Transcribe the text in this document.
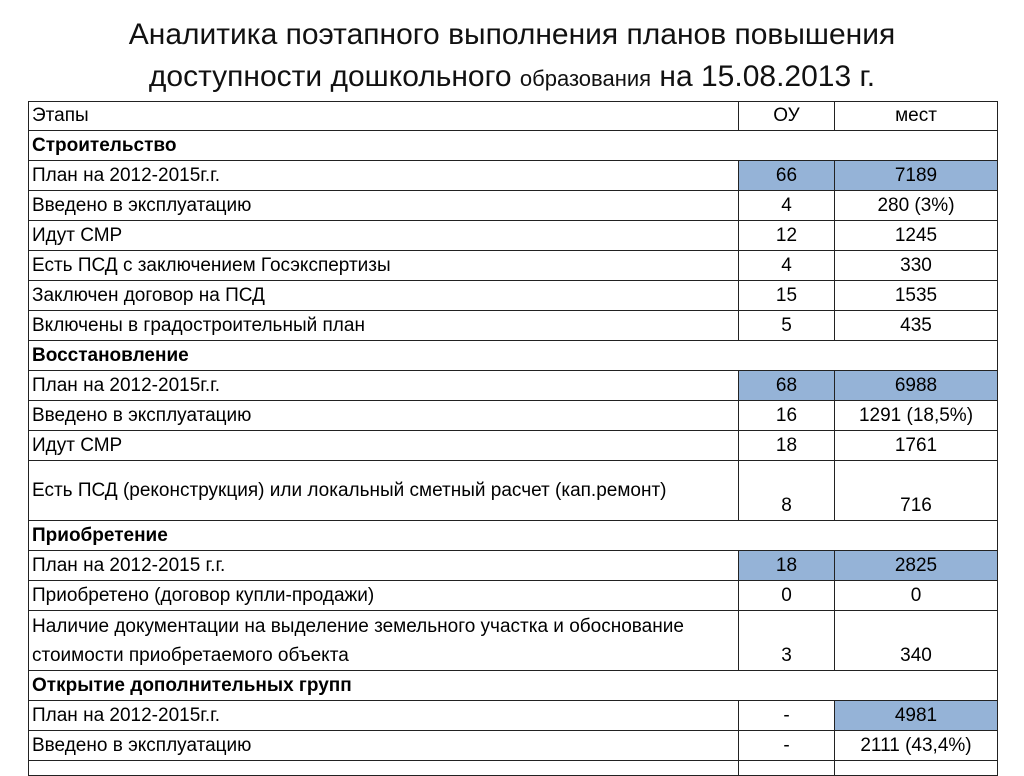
Аналитика поэтапного выполнения планов повышения
доступности дошкольного образования на 15.08.2013 г.
Этапы	ОУ	мест
Строительство		
План на 2012-2015г.г.	66	7189
Введено в эксплуатацию	4	280 (3%)
Идут СМР	12	1245
Есть ПСД с заключением Госэкспертизы	4	330
Заключен договор на ПСД	15	1535
Включены в градостроительный план	5	435
Восстановление		
План на 2012-2015г.г.	68	6988
Введено в эксплуатацию	16	1291 (18,5%)
Идут СМР	18	1761
Есть ПСД (реконструкция) или локальный сметный расчет (кап.ремонт)	8	716
Приобретение		
План на 2012-2015 г.г.	18	2825
Приобретено (договор купли-продажи)	0	0
Наличие документации на выделение земельного участка и обоснование стоимости приобретаемого объекта	3	340
Открытие дополнительных групп		
План на 2012-2015г.г.	-	4981
Введено в эксплуатацию	-	2111 (43,4%)
